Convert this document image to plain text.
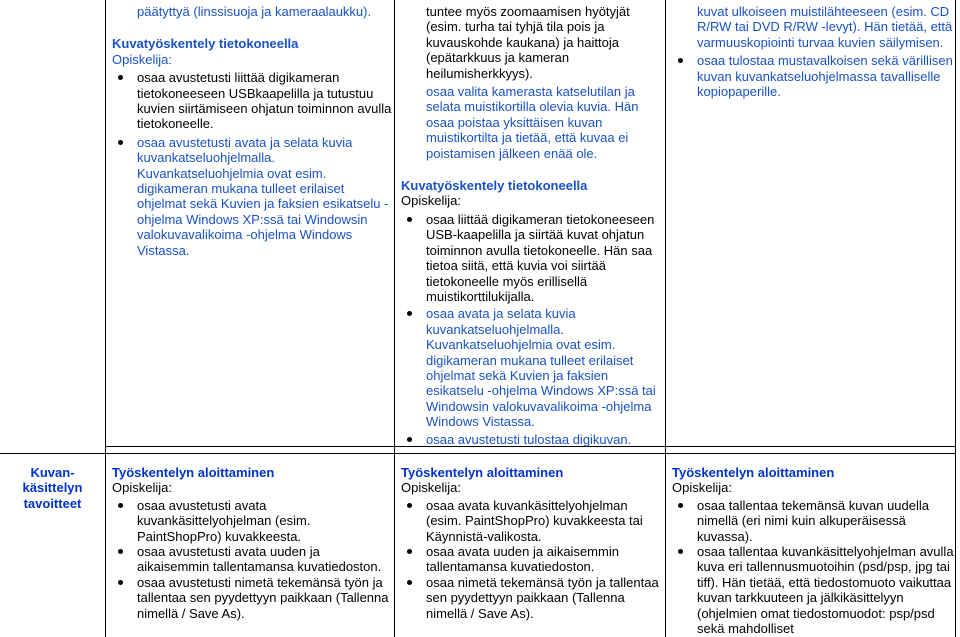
päätyttyä (linssisuoja ja kameraalaukku).

Kuvatyöskentely tietokoneella

Opiskelija:

osaa avustetusti liittää digikameran tietokoneeseen USBkaapelilla ja tutustuu kuvien siirtämiseen ohjatun toiminnon avulla tietokoneelle.
osaa avustetusti avata ja selata kuvia kuvankatseluohjelmalla. Kuvankatseluohjelmia ovat esim. digikameran mukana tulleet erilaiset ohjelmat sekä Kuvien ja faksien esikatselu -ohjelma Windows XP:ssä tai Windowsin valokuvavalikoima -ohjelma Windows Vistassa.

tuntee myös zoomaamisen hyötyjät (esim. turha tai tyhjä tila pois ja kuvauskohde kaukana) ja haittoja (epätarkkuus ja kameran heilumisherkkyys).

osaa valita kamerasta katselutilan ja selata muistikortilla olevia kuvia. Hän osaa poistaa yksittäisen kuvan muistikortilta ja tietää, että kuvaa ei poistamisen jälkeen enää ole.

Kuvatyöskentely tietokoneella

Opiskelija:

osaa liittää digikameran tietokoneeseen USB-kaapelilla ja siirtää kuvat ohjatun toiminnon avulla tietokoneelle. Hän saa tietoa siitä, että kuvia voi siirtää tietokoneelle myös erillisellä muistikorttilukijalla.
osaa avata ja selata kuvia kuvankatseluohjelmalla. Kuvankatseluohjelmia ovat esim. digikameran mukana tulleet erilaiset ohjelmat sekä Kuvien ja faksien esikatselu -ohjelma Windows XP:ssä tai Windowsin valokuvavalikoima -ohjelma Windows Vistassa.
osaa avustetusti tulostaa digikuvan.

kuvat ulkoiseen muistilähteeseen (esim. CD R/RW tai DVD R/RW -levyt). Hän tietää, että varmuuskopiointi turvaa kuvien säilymisen.

osaa tulostaa mustavalkoisen sekä värillisen kuvan kuvankatseluohjelmassa tavalliselle kopiopaperille.
Kuvan-käsittelyn tavoitteet

Työskentelyn aloittaminen

Opiskelija:

osaa avustetusti avata kuvankäsittelyohjelman (esim. PaintShopPro) kuvakkeesta.
osaa avustetusti avata uuden ja aikaisemmin tallentamansa kuvatiedoston.
osaa avustetusti nimetä tekemänsä työn ja tallentaa sen pyydettyyn paikkaan (Tallenna nimellä / Save As).

Työskentelyn aloittaminen

Opiskelija:

osaa avata kuvankäsittelyohjelman (esim. PaintShopPro) kuvakkeesta tai Käynnistä-valikosta.
osaa avata uuden ja aikaisemmin tallentamansa kuvatiedoston.
osaa nimetä tekemänsä työn ja tallentaa sen pyydettyyn paikkaan (Tallenna nimellä / Save As).

Työskentelyn aloittaminen

Opiskelija:

osaa tallentaa tekemänsä kuvan uudella nimellä (eri nimi kuin alkuperäisessä kuvassa).
osaa tallentaa kuvankäsittelyohjelman avulla kuva eri tallennusmuotoihin (psd/psp, jpg tai tiff). Hän tietää, että tiedostomuoto vaikuttaa kuvan tarkkuuteen ja jälkikäsittelyyn (ohjelmien omat tiedostomuodot: psp/psd sekä mahdolliset
